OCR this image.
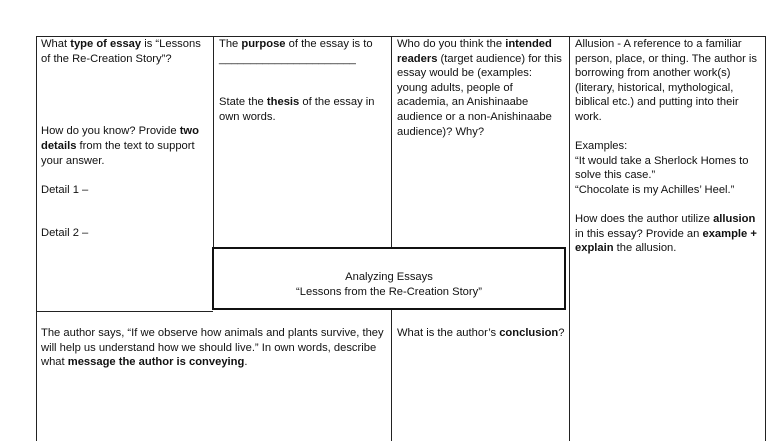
What type of essay is “Lessons of the Re-Creation Story”?

How do you know? Provide two details from the text to support your answer.

Detail 1 –

Detail 2 –

The purpose of the essay is to ______________________

State the thesis of the essay in own words.

Who do you think the intended readers (target audience) for this essay would be (examples: young adults, people of academia, an Anishinaabe audience or a non-Anishinaabe audience)? Why?

Allusion - A reference to a familiar person, place, or thing. The author is borrowing from another work(s) (literary, historical, mythological, biblical etc.) and putting into their work.

Examples:

“It would take a Sherlock Homes to solve this case.”

“Chocolate is my Achilles’ Heel.”

How does the author utilize allusion in this essay? Provide an example + explain the allusion.

Analyzing Essays

“Lessons from the Re-Creation Story”

The author says, “If we observe how animals and plants survive, they will help us understand how we should live.” In own words, describe what message the author is conveying.

What is the author’s conclusion?
